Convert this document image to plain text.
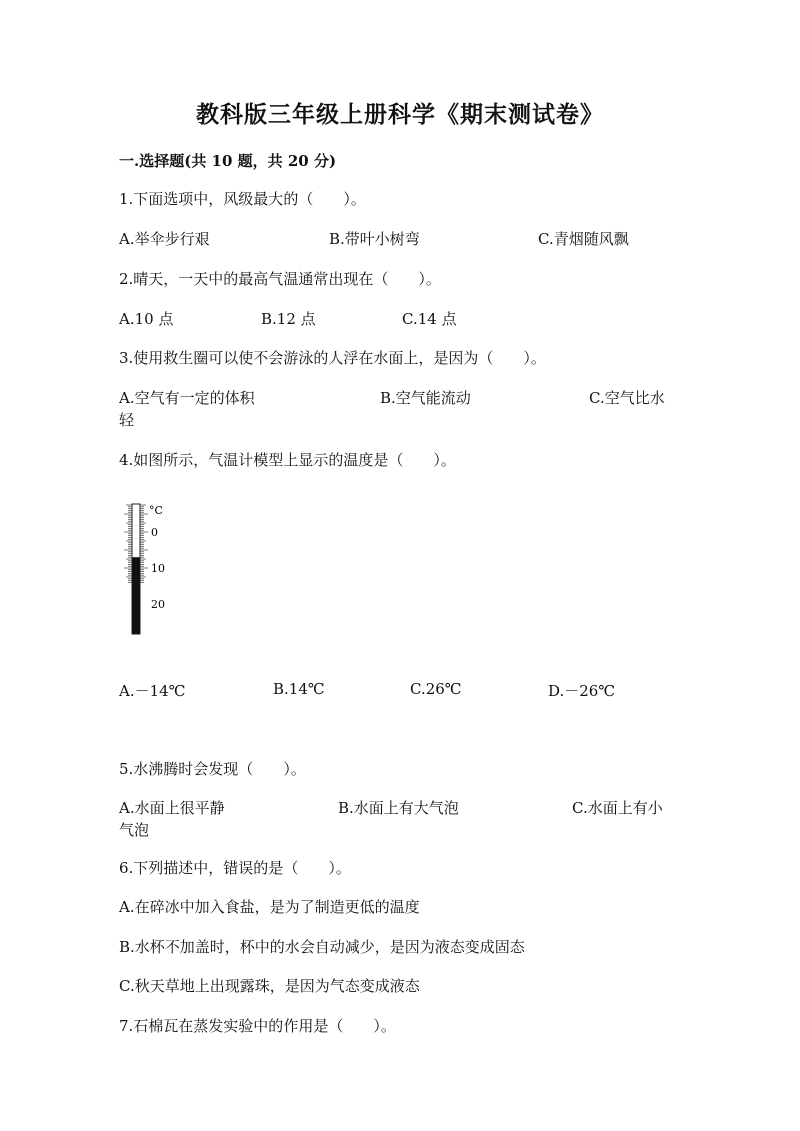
教科版三年级上册科学《期末测试卷》
一.选择题(共 10 题，共 20 分)
1.下面选项中，风级最大的（　　）。
A.举伞步行艰	B.带叶小树弯	C.青烟随风飘
2.晴天，一天中的最高气温通常出现在（　　）。
A.10 点	B.12 点	C.14 点
3.使用救生圈可以使不会游泳的人浮在水面上，是因为（　　）。
A.空气有一定的体积	B.空气能流动	C.空气比水
轻
4.如图所示，气温计模型上显示的温度是（　　）。
°C
0
10
20
A.－14℃	B.14℃	C.26℃	D.－26℃
5.水沸腾时会发现（　　）。
A.水面上很平静	B.水面上有大气泡	C.水面上有小
气泡
6.下列描述中，错误的是（　　）。
A.在碎冰中加入食盐，是为了制造更低的温度
B.水杯不加盖时，杯中的水会自动减少，是因为液态变成固态
C.秋天草地上出现露珠，是因为气态变成液态
7.石棉瓦在蒸发实验中的作用是（　　）。
